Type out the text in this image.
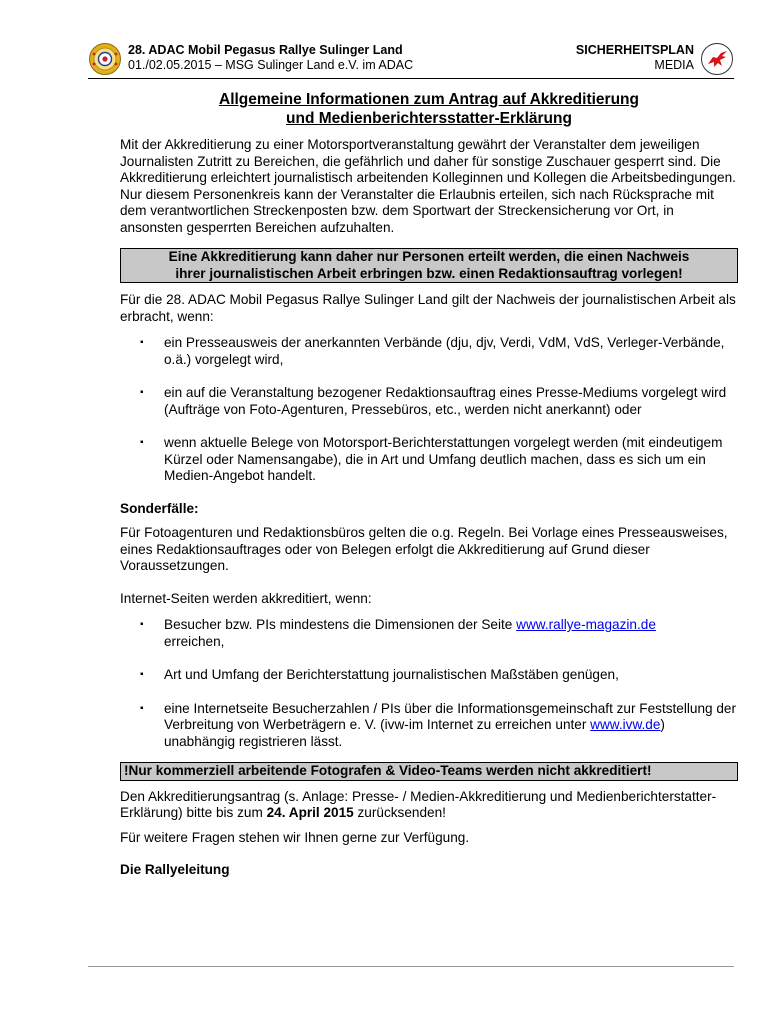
28. ADAC Mobil Pegasus Rallye Sulinger Land
01./02.05.2015 – MSG Sulinger Land e.V. im ADAC
SICHERHEITSPLAN
MEDIA
Allgemeine Informationen zum Antrag auf Akkreditierung
und Medienberichtersstatter-Erklärung

Mit der Akkreditierung zu einer Motorsportveranstaltung gewährt der Veranstalter dem jeweiligen Journalisten Zutritt zu Bereichen, die gefährlich und daher für sonstige Zuschauer gesperrt sind. Die Akkreditierung erleichtert journalistisch arbeitenden Kolleginnen und Kollegen die Arbeitsbedingungen.

Nur diesem Personenkreis kann der Veranstalter die Erlaubnis erteilen, sich nach Rücksprache mit dem verantwortlichen Streckenposten bzw. dem Sportwart der Streckensicherung vor Ort, in ansonsten gesperrten Bereichen aufzuhalten.

Eine Akkreditierung kann daher nur Personen erteilt werden, die einen Nachweis
ihrer journalistischen Arbeit erbringen bzw. einen Redaktionsauftrag vorlegen!

Für die 28. ADAC Mobil Pegasus Rallye Sulinger Land gilt der Nachweis der journalistischen Arbeit als erbracht, wenn:

▪ ein Presseausweis der anerkannten Verbände (dju, djv, Verdi, VdM, VdS, Verleger-Verbände, o.ä.) vorgelegt wird,
▪ ein auf die Veranstaltung bezogener Redaktionsauftrag eines Presse-Mediums vorgelegt wird (Aufträge von Foto-Agenturen, Pressebüros, etc., werden nicht anerkannt) oder
▪ wenn aktuelle Belege von Motorsport-Berichterstattungen vorgelegt werden (mit eindeutigem Kürzel oder Namensangabe), die in Art und Umfang deutlich machen, dass es sich um ein Medien-Angebot handelt.

Sonderfälle:

Für Fotoagenturen und Redaktionsbüros gelten die o.g. Regeln. Bei Vorlage eines Presseausweises, eines Redaktionsauftrages oder von Belegen erfolgt die Akkreditierung auf Grund dieser Voraussetzungen.

Internet-Seiten werden akkreditiert, wenn:

▪ Besucher bzw. PIs mindestens die Dimensionen der Seite www.rallye-magazin.de
erreichen,
▪ Art und Umfang der Berichterstattung journalistischen Maßstäben genügen,
▪ eine Internetseite Besucherzahlen / PIs über die Informationsgemeinschaft zur Feststellung der Verbreitung von Werbeträgern e. V. (ivw-im Internet zu erreichen unter www.ivw.de) unabhängig registrieren lässt.
!Nur kommerziell arbeitende Fotografen & Video-Teams werden nicht akkreditiert!

Den Akkreditierungsantrag (s. Anlage: Presse- / Medien-Akkreditierung und Medienberichterstatter-Erklärung) bitte bis zum 24. April 2015 zurücksenden!

Für weitere Fragen stehen wir Ihnen gerne zur Verfügung.

Die Rallyeleitung
